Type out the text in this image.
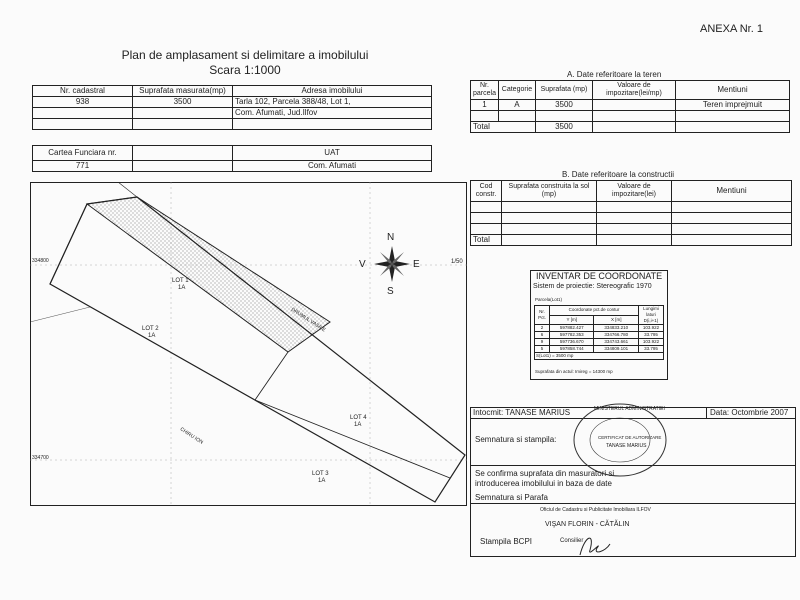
ANEXA Nr. 1
Plan de amplasament si delimitare a imobilului
Scara 1:1000
Nr. cadastral	Suprafata masurata(mp)	Adresa imobilului
938	3500	Tarla 102, Parcela 388/48, Lot 1,
		Com. Afumati, Jud.Ilfov

Cartea Funciara nr.		UAT
771		Com. Afumati
A. Date referitoare la teren
Nr. parcela	Categorie	Suprafata (mp)	Valoare de impozitare(lei/mp)	Mentiuni
1	A	3500		Teren imprejmuit

Total		3500		
B. Date referitoare la constructii
Cod constr.	Suprafata construita la sol (mp)	Valoare de impozitare(lei)	Mentiuni

Total			
334800
334700
1/50
LOT 1
1A
LOT 2
1A
LOT 4
1A
LOT 3
1A
DRUMUL VASILE
CHIRU ION
N
S
V	E
INVENTAR DE COORDONATE
Sistem de proiectie: Stereografic 1970
Parcela(Lot1)
Nr. Pct.	Coordonate pct.de contur		Lungimi laturi D(i,i+1)
	Y [m]	X [m]	
2	597882.427	334833.210	103.922
6	597782.353	334766.780	33.795
9	597736.670	334743.661	103.922
5	597858.744	334809.101	33.795
S(Lot1) = 3500 mp			
Suprafata din actul: Imireg = 14300 mp
Intocmit: TANASE MARIUS	Data: Octombrie 2007
Semnatura si stampila:
Se confirma suprafata din masuratori si
introducerea imobilului in baza de date
Semnatura si Parafa
Oficiul de Cadastru si Publicitate Imobiliara ILFOV
VIŞAN FLORIN - CĂTĂLIN
Stampila BCPI	Consilier
MINISTERUL ADMINISTRATIEI
CERTIFICAT DE AUTORIZARE
TANASE MARIUS
